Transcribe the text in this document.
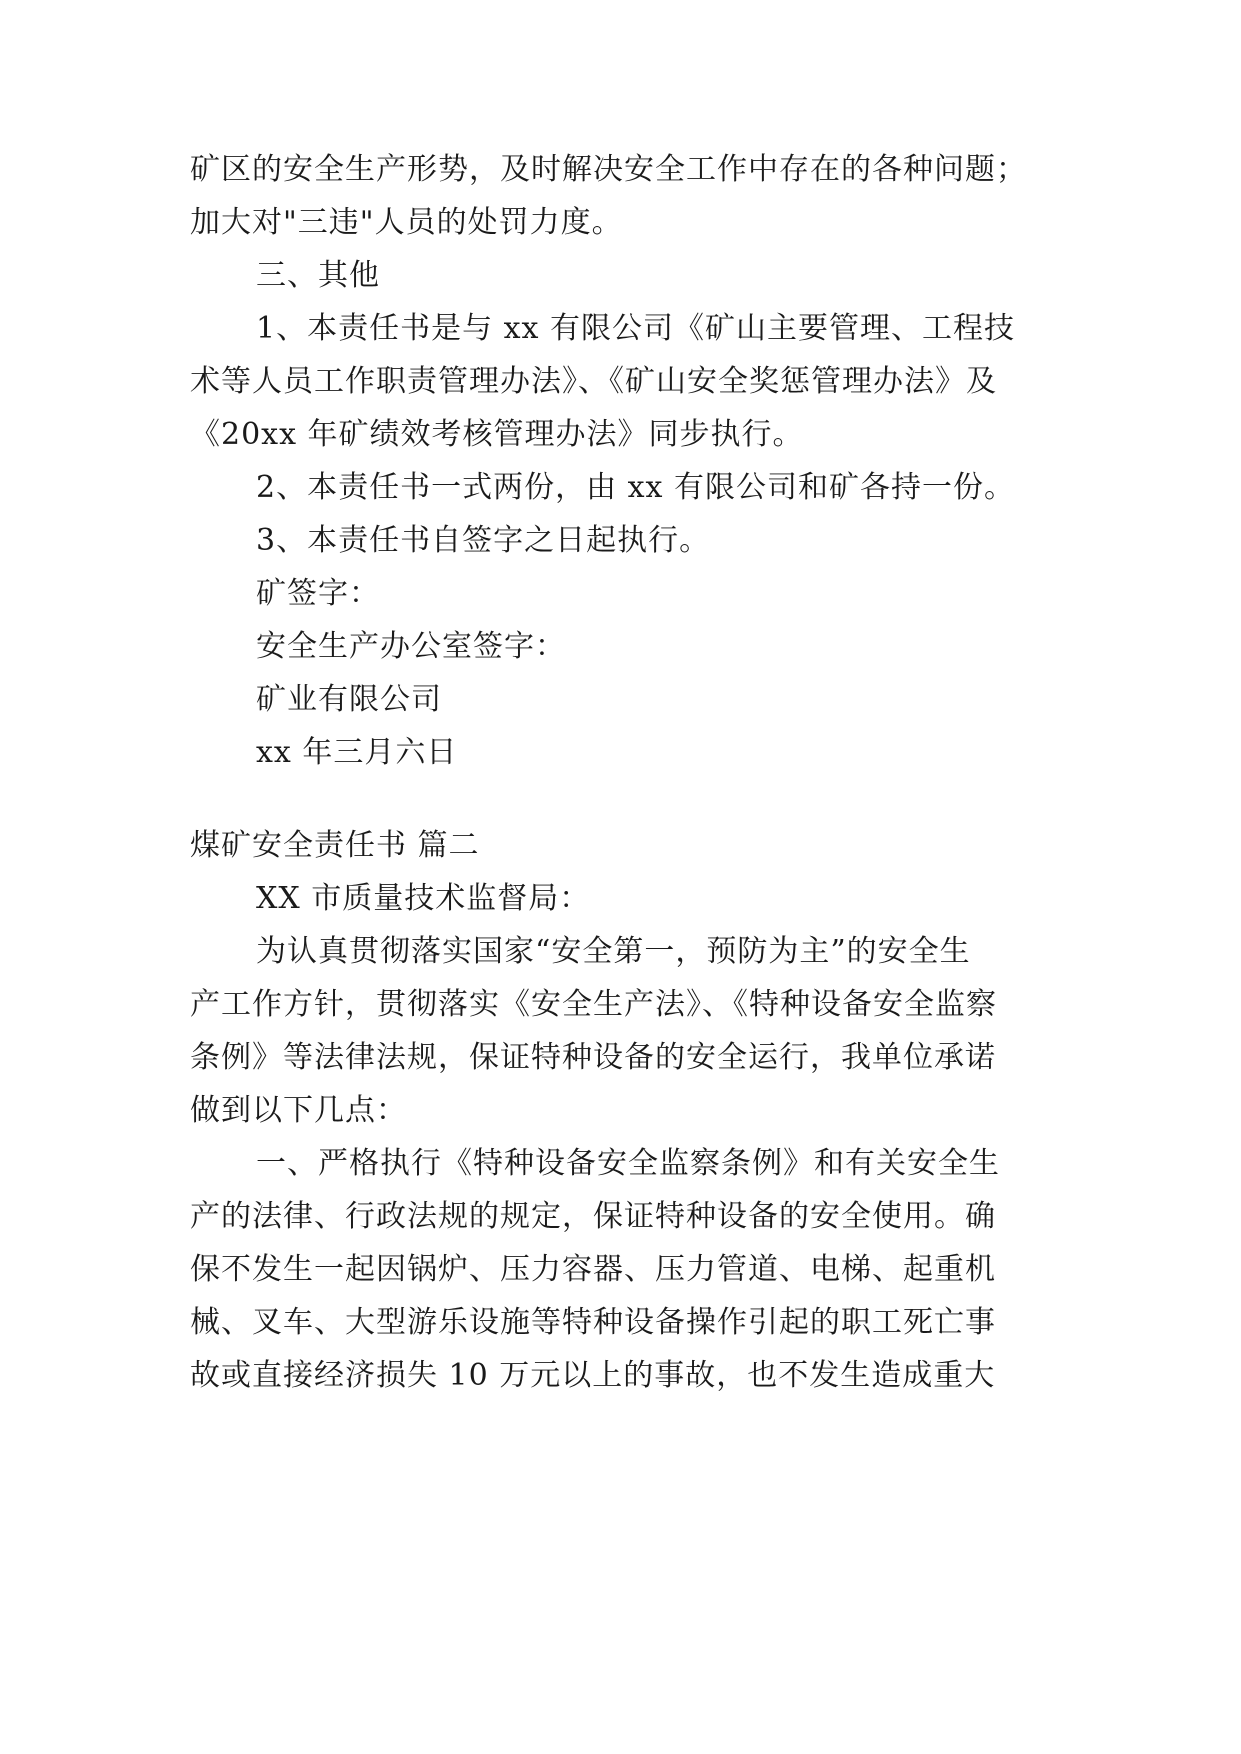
矿区的安全生产形势，及时解决安全工作中存在的各种问题；
加大对"三违"人员的处罚力度。
三、其他
1、本责任书是与 xx 有限公司《矿山主要管理、工程技
术等人员工作职责管理办法》、《矿山安全奖惩管理办法》及
《20xx 年矿绩效考核管理办法》同步执行。
2、本责任书一式两份，由 xx 有限公司和矿各持一份。
3、本责任书自签字之日起执行。
矿签字：
安全生产办公室签字：
矿业有限公司
xx 年三月六日
煤矿安全责任书 篇二
XX 市质量技术监督局：
为认真贯彻落实国家“安全第一，预防为主”的安全生
产工作方针，贯彻落实《安全生产法》、《特种设备安全监察
条例》等法律法规，保证特种设备的安全运行，我单位承诺
做到以下几点：
一、严格执行《特种设备安全监察条例》和有关安全生
产的法律、行政法规的规定，保证特种设备的安全使用。确
保不发生一起因锅炉、压力容器、压力管道、电梯、起重机
械、叉车、大型游乐设施等特种设备操作引起的职工死亡事
故或直接经济损失 10 万元以上的事故，也不发生造成重大
